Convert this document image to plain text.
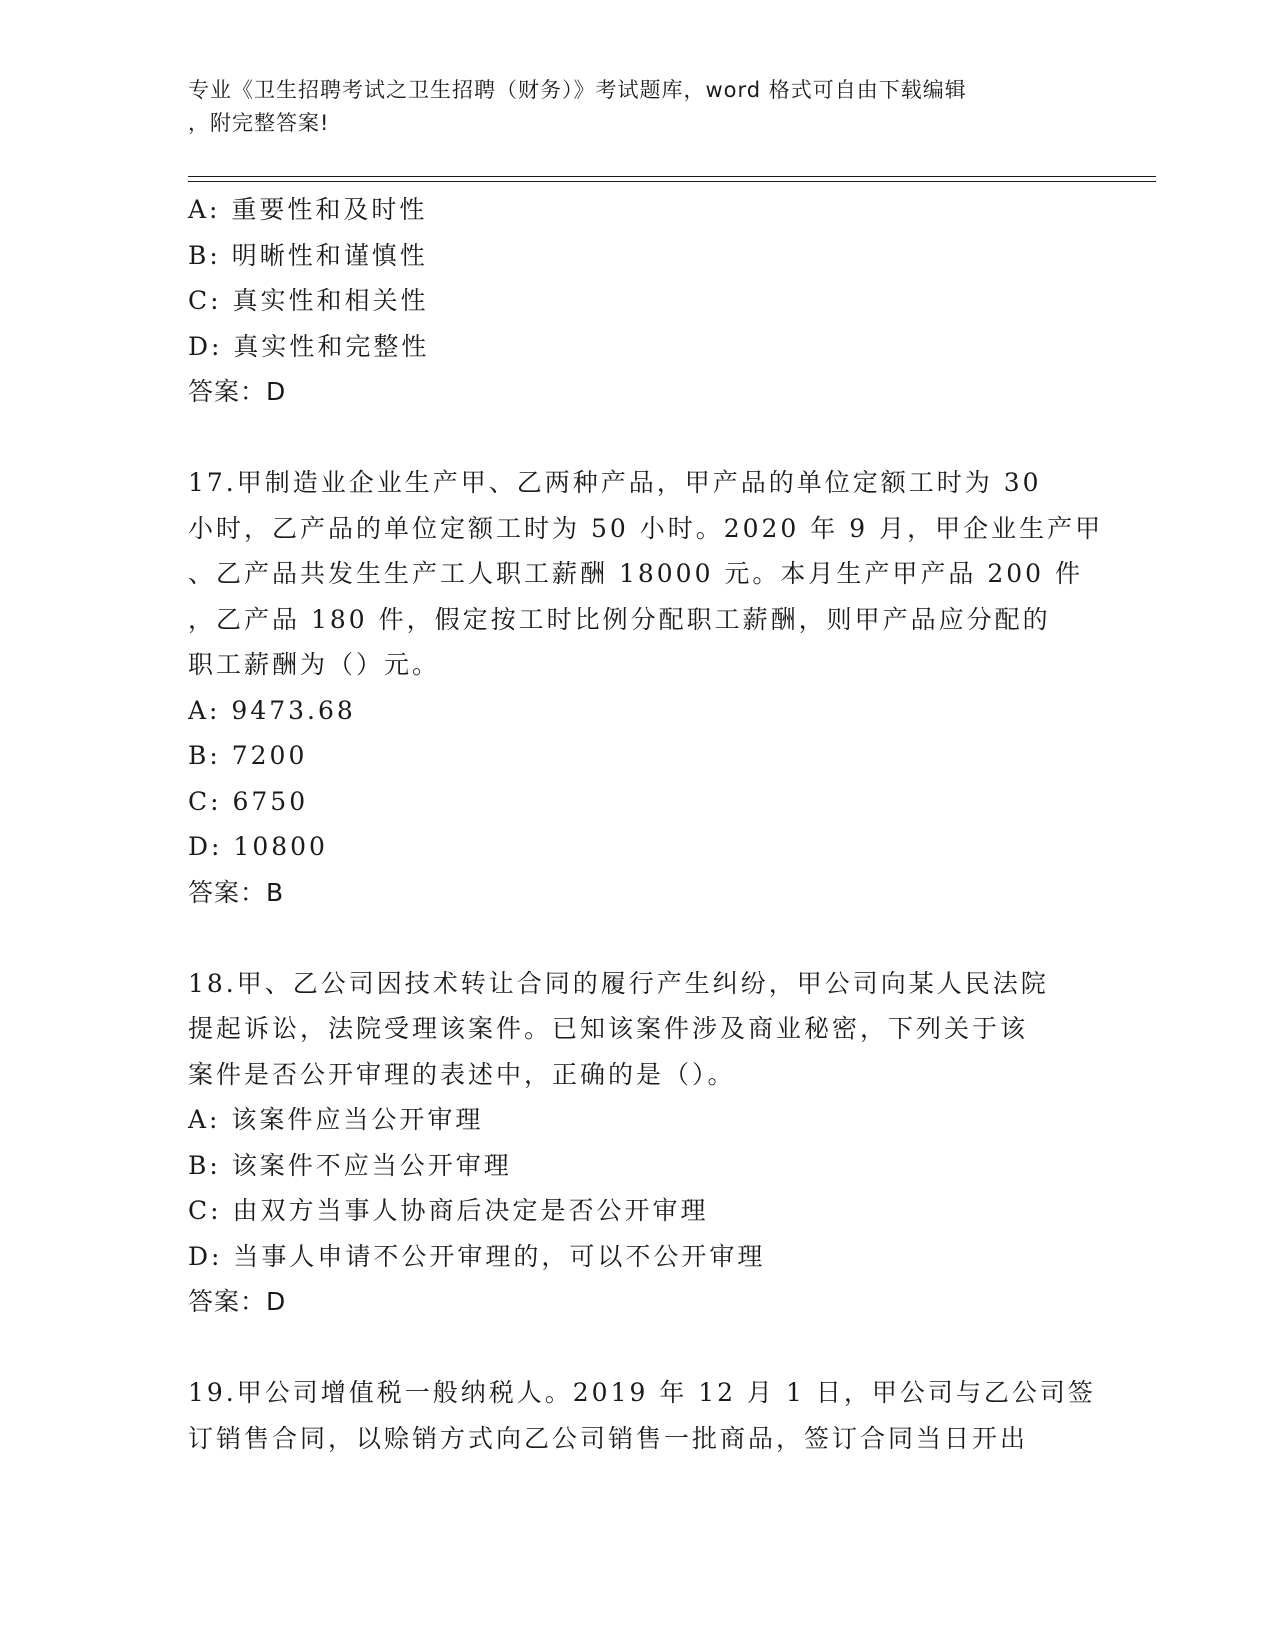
专业《卫生招聘考试之卫生招聘（财务）》考试题库，word 格式可自由下载编辑
，附完整答案!
A: 重要性和及时性
B: 明晰性和谨慎性
C: 真实性和相关性
D: 真实性和完整性
答案：D
17.甲制造业企业生产甲、乙两种产品，甲产品的单位定额工时为 30
小时，乙产品的单位定额工时为 50 小时。2020 年 9 月，甲企业生产甲
、乙产品共发生生产工人职工薪酬 18000 元。本月生产甲产品 200 件
，乙产品 180 件，假定按工时比例分配职工薪酬，则甲产品应分配的
职工薪酬为（）元。
A: 9473.68
B: 7200
C: 6750
D: 10800
答案：B
18.甲、乙公司因技术转让合同的履行产生纠纷，甲公司向某人民法院
提起诉讼，法院受理该案件。已知该案件涉及商业秘密，下列关于该
案件是否公开审理的表述中，正确的是（）。
A: 该案件应当公开审理
B: 该案件不应当公开审理
C: 由双方当事人协商后决定是否公开审理
D: 当事人申请不公开审理的，可以不公开审理
答案：D
19.甲公司增值税一般纳税人。2019 年 12 月 1 日，甲公司与乙公司签
订销售合同，以赊销方式向乙公司销售一批商品，签订合同当日开出
